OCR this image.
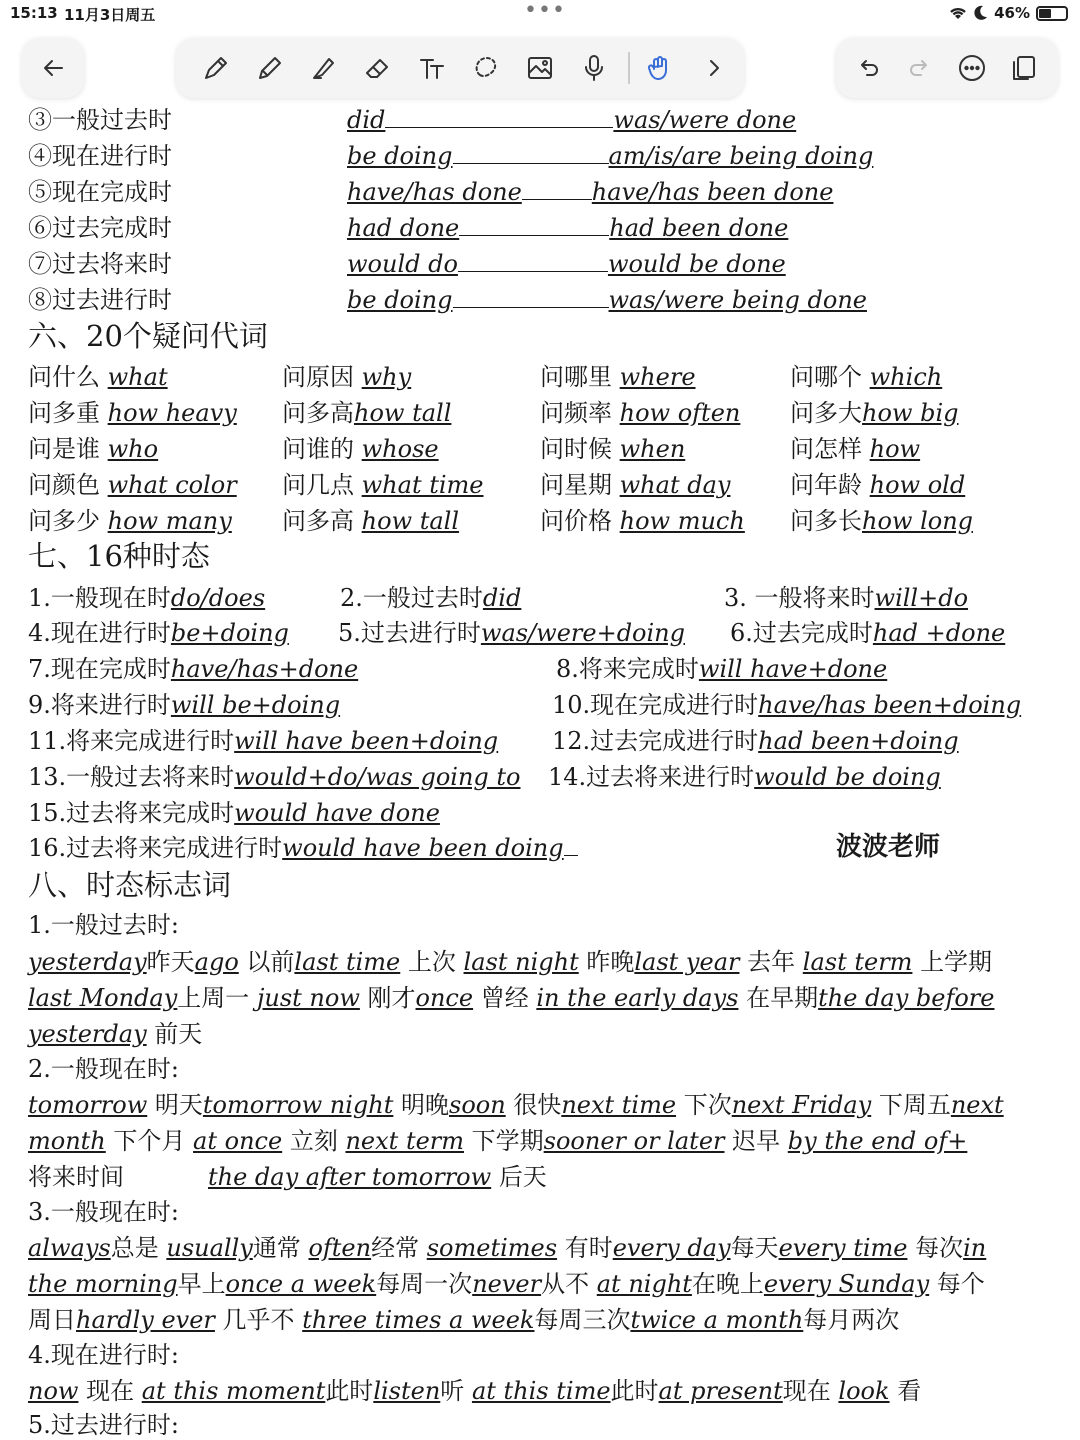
15:13 11月3日周五	•••	46%
③一般过去时	did	was/were done
④现在进行时	be doing	am/is/are being doing
⑤现在完成时	have/has done	have/has been done
⑥过去完成时	had done	had been done
⑦过去将来时	would do	would be done
⑧过去进行时	be doing	was/were being done
六、20个疑问代词
问什么 what	问原因 why	问哪里 where	问哪个 which
问多重 how heavy 问多高how tall	问频率 how often 问多大how big
问是谁 who	问谁的 whose	问时候 when	问怎样 how
问颜色 what color 问几点 what time 问星期 what day 问年龄 how old
问多少 how many 问多高 how tall	问价格 how much 问多长how long
七、16种时态
1.一般现在时do/does	2.一般过去时did	3. 一般将来时will+do
4.现在进行时be+doing 5.过去进行时was/were+doing 6.过去完成时had +done
7.现在完成时have/has+done	8.将来完成时will have+done
9.将来进行时will be+doing	10.现在完成进行时have/has been+doing
11.将来完成进行时will have been+doing 12.过去完成进行时had been+doing
13.一般过去将来时would+do/was going to 14.过去将来进行时would be doing
15.过去将来完成时would have done
16.过去将来完成进行时would have been doing	波波老师
八、时态标志词
1.一般过去时:
yesterday昨天ago 以前last time 上次 last night 昨晚last year 去年 last term 上学期
last Monday上周一 just now 刚才once 曾经 in the early days 在早期the day before
yesterday 前天
2.一般现在时:
tomorrow 明天tomorrow night 明晚soon 很快next time 下次next Friday 下周五next
month 下个月 at once 立刻 next term 下学期sooner or later 迟早 by the end of+
将来时间	the day after tomorrow 后天
3.一般现在时:
always总是 usually通常 often经常 sometimes 有时every day每天every time 每次in
the morning早上once a week每周一次never从不 at night在晚上every Sunday 每个
周日hardly ever 几乎不 three times a week每周三次twice a month每月两次
4.现在进行时:
now 现在 at this moment此时listen听 at this time此时at present现在 look 看
5.过去进行时:
